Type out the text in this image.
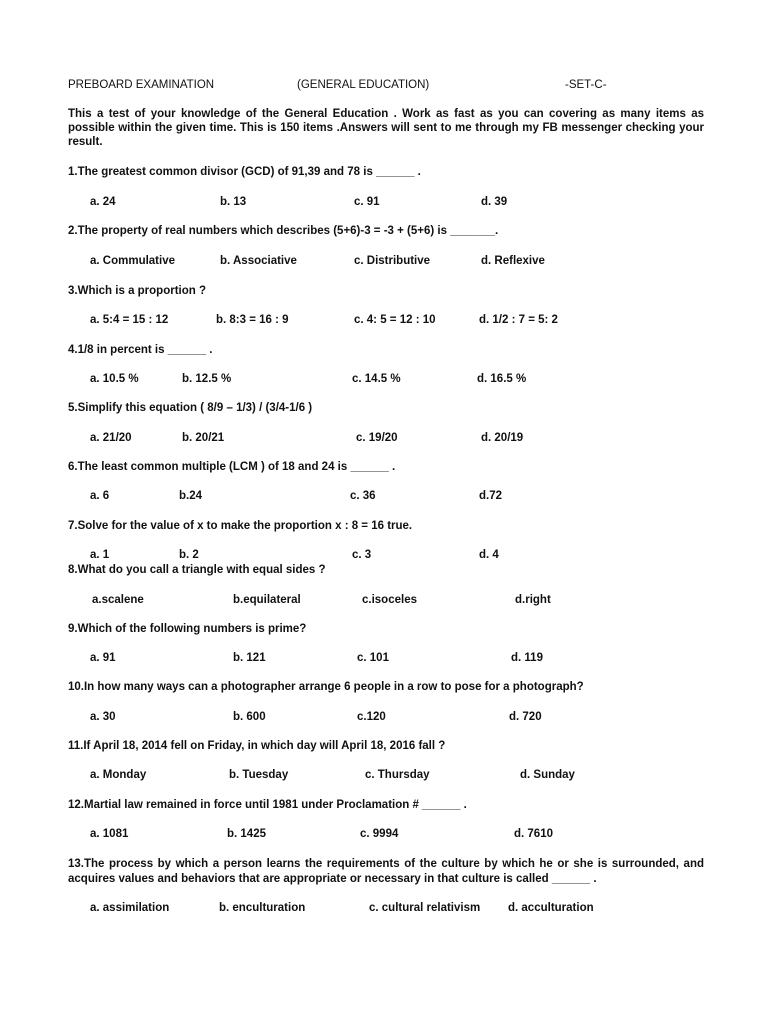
PREBOARD EXAMINATION	(GENERAL EDUCATION)	-SET-C-
This a test of your knowledge of the General Education . Work as fast as you can covering as many items as possible within the given time. This is 150 items .Answers will sent to me through my FB messenger checking your result.
1.The greatest common divisor (GCD) of 91,39 and 78 is ______ .
a. 24	b. 13	c. 91	d. 39
2.The property of real numbers which describes (5+6)-3 = -3 + (5+6) is _______.
a. Commulative	b. Associative	c. Distributive	d. Reflexive
3.Which is a proportion ?
a. 5:4 = 15 : 12	b. 8:3 = 16 : 9	c. 4: 5 = 12 : 10	d. 1/2 : 7 = 5: 2
4.1/8 in percent is ______ .
a. 10.5 %	b. 12.5 %	c. 14.5 %	d. 16.5 %
5.Simplify this equation ( 8/9 – 1/3) / (3/4-1/6 )
a. 21/20	b. 20/21	c. 19/20	d. 20/19
6.The least common multiple (LCM ) of 18 and 24 is ______ .
a. 6	b.24	c. 36	d.72
7.Solve for the value of x to make the proportion x : 8 = 16 true.
a. 1	b. 2	c. 3	d. 4
8.What do you call a triangle with equal sides ?
a.scalene	b.equilateral	c.isoceles	d.right
9.Which of the following numbers is prime?
a. 91	b. 121	c. 101	d. 119
10.In how many ways can a photographer arrange 6 people in a row to pose for a photograph?
a. 30	b. 600	c.120	d. 720
11.If April 18, 2014 fell on Friday, in which day will April 18, 2016 fall ?
a. Monday	b. Tuesday	c. Thursday	d. Sunday
12.Martial law remained in force until 1981 under Proclamation # ______ .
a. 1081	b. 1425	c. 9994	d. 7610
13.The process by which a person learns the requirements of the culture by which he or she is surrounded, and acquires values and behaviors that are appropriate or necessary in that culture is called ______ .
a. assimilation	b. enculturation	c. cultural relativism d. acculturation
